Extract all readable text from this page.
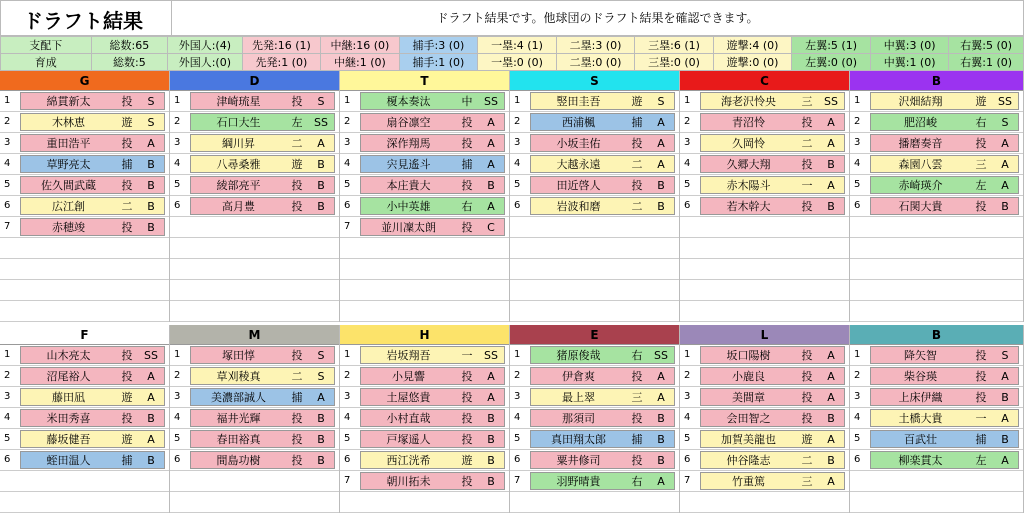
ドラフト結果	ドラフト結果です。他球団のドラフト結果を確認できます。
支配下	総数:65	外国人:(4)	先発:16 (1)	中継:16 (0)	捕手:3 (0)	一塁:4 (1)	二塁:3 (0)	三塁:6 (1)	遊撃:4 (0)	左翼:5 (1)	中翼:3 (0)	右翼:5 (0)
育成	総数:5	外国人:(0)	先発:1 (0)	中継:1 (0)	捕手:1 (0)	一塁:0 (0)	二塁:0 (0)	三塁:0 (0)	遊撃:0 (0)	左翼:0 (0)	中翼:1 (0)	右翼:1 (0)
G
1	綿貫新太	投	S
2	木林恵	遊	S
3	重田浩平	投	A
4	草野亮太	捕	B
5	佐久間武蔵	投	B
6	広江創	二	B
7	赤穂竣	投	B
D
1	津崎琉星	投	S
2	石口大生	左	SS
3	綱川昇	二	A
4	八尋桑雅	遊	B
5	綾部亮平	投	B
6	高月豊	投	B
T
1	榎本奏汰	中	SS
2	扇谷凛空	投	A
3	深作翔馬	投	A
4	宍見遙斗	捕	A
5	本庄貴大	投	B
6	小中英雄	右	A
7	並川凜太朗	投	C
S
1	竪田圭吾	遊	S
2	西浦楓	捕	A
3	小坂圭佑	投	A
4	大越永遠	二	A
5	田近啓人	投	B
6	岩波和磨	二	B
C
1	海老沢怜央	三	SS
2	青沼怜	投	A
3	久岡怜	二	A
4	久郷大翔	投	B
5	赤木陽斗	一	A
6	若木幹大	投	B
B
1	沢畑結翔	遊	SS
2	肥沼峻	右	S
3	播磨奏音	投	A
4	森園八雲	三	A
5	赤崎瑛介	左	A
6	石関大貴	投	B
F
1	山木亮太	投	SS
2	沼尾裕人	投	A
3	藤田凪	遊	A
4	米田秀喜	投	B
5	藤坂健吾	遊	A
6	蛭田温人	捕	B
M
1	塚田惇	投	S
2	草刈稜真	二	S
3	美濃部誠人	捕	A
4	福井光輝	投	B
5	春田裕真	投	B
6	間島功樹	投	B
H
1	岩坂翔吾	一	SS
2	小見響	投	A
3	土屋悠貴	投	A
4	小村直哉	投	B
5	戸塚遥人	投	B
6	西江洸希	遊	B
7	朝川拓未	投	B
E
1	猪原俊哉	右	SS
2	伊倉爽	投	A
3	最上翠	三	A
4	那須司	投	B
5	真田翔太郎	捕	B
6	粟井修司	投	B
7	羽野晴貴	右	A
L
1	坂口陽樹	投	A
2	小鹿良	投	A
3	美間章	投	A
4	会田智之	投	B
5	加賀美龍也	遊	A
6	仲谷隆志	二	B
7	竹重篤	三	A
B
1	降矢智	投	S
2	柴谷瑛	投	A
3	上床伊織	投	B
4	土橋大貴	一	A
5	百武壮	捕	B
6	柳楽貫太	左	A
